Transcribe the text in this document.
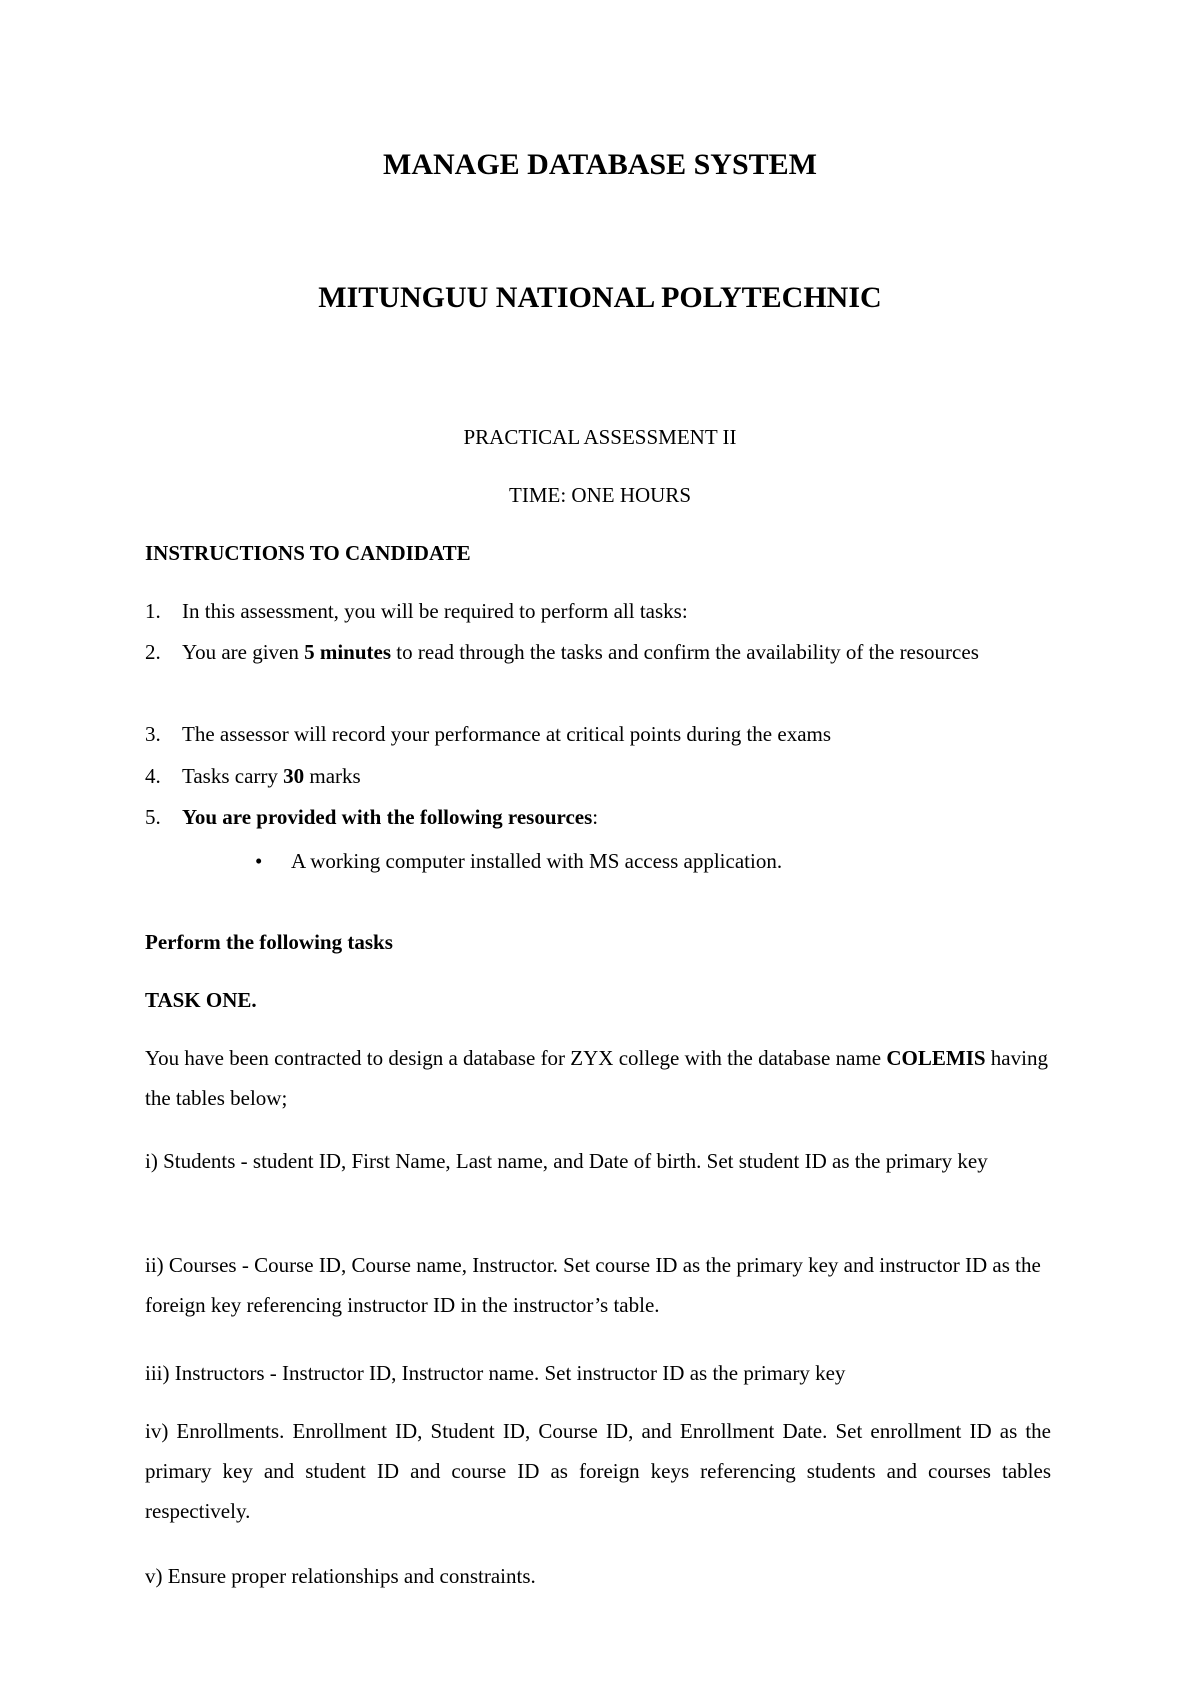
MANAGE DATABASE SYSTEM
MITUNGUU NATIONAL POLYTECHNIC
PRACTICAL ASSESSMENT II
TIME: ONE HOURS
INSTRUCTIONS TO CANDIDATE
1. In this assessment, you will be required to perform all tasks:
2. You are given 5 minutes to read through the tasks and confirm the availability of the resources
3. The assessor will record your performance at critical points during the exams
4. Tasks carry 30 marks
5. You are provided with the following resources:
• A working computer installed with MS access application.
Perform the following tasks
TASK ONE.
You have been contracted to design a database for ZYX college with the database name COLEMIS having the tables below;
i) Students - student ID, First Name, Last name, and Date of birth. Set student ID as the primary key
ii) Courses - Course ID, Course name, Instructor. Set course ID as the primary key and instructor ID as the foreign key referencing instructor ID in the instructor’s table.
iii) Instructors - Instructor ID, Instructor name. Set instructor ID as the primary key
iv) Enrollments. Enrollment ID, Student ID, Course ID, and Enrollment Date. Set enrollment ID as the primary key and student ID and course ID as foreign keys referencing students and courses tables respectively.
v) Ensure proper relationships and constraints.
